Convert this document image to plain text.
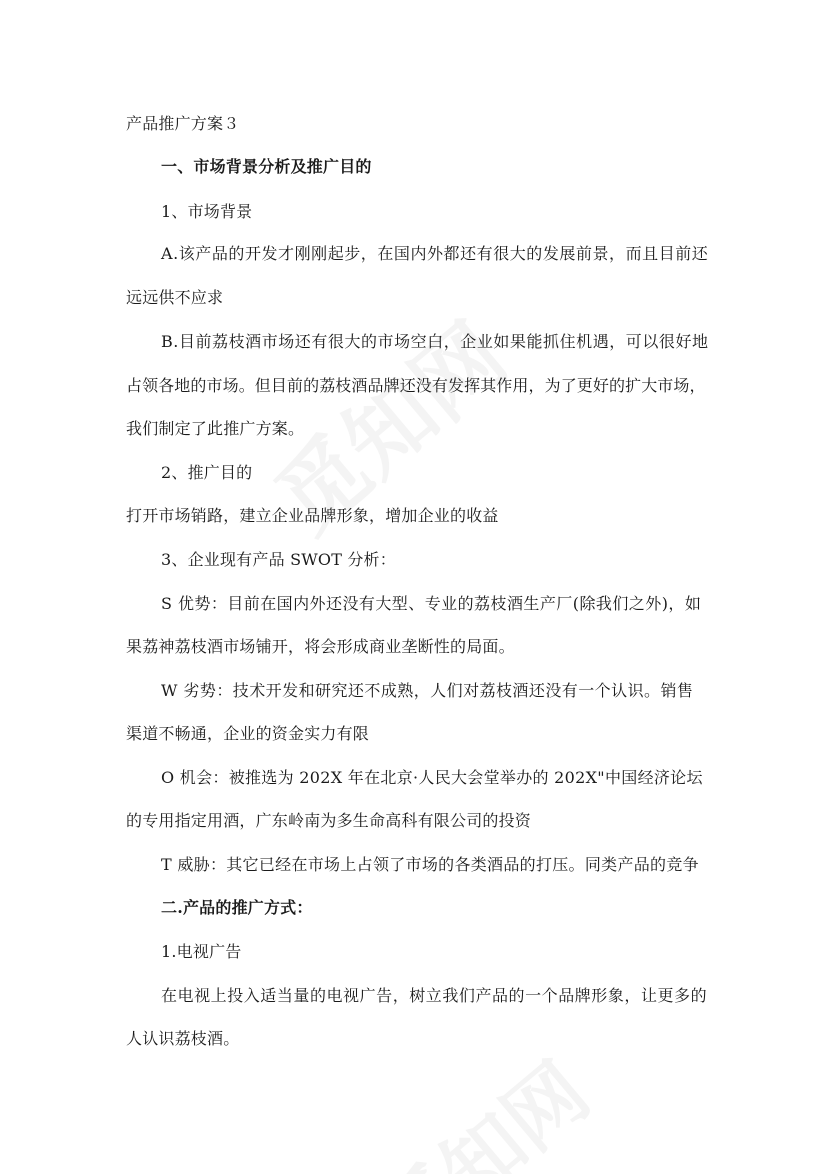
产品推广方案３
一、市场背景分析及推广目的
1、市场背景
A.该产品的开发才刚刚起步，在国内外都还有很大的发展前景，而且目前还
远远供不应求
B.目前荔枝酒市场还有很大的市场空白，企业如果能抓住机遇，可以很好地
占领各地的市场。但目前的荔枝酒品牌还没有发挥其作用，为了更好的扩大市场，
我们制定了此推广方案。
2、推广目的
打开市场销路，建立企业品牌形象，增加企业的收益
3、企业现有产品 SWOT 分析：
S 优势：目前在国内外还没有大型、专业的荔枝酒生产厂(除我们之外)，如
果荔神荔枝酒市场铺开，将会形成商业垄断性的局面。
W 劣势：技术开发和研究还不成熟，人们对荔枝酒还没有一个认识。销售
渠道不畅通，企业的资金实力有限
O 机会：被推选为 202X 年在北京·人民大会堂举办的 202X"中国经济论坛
的专用指定用酒，广东岭南为多生命高科有限公司的投资
T 威胁：其它已经在市场上占领了市场的各类酒品的打压。同类产品的竞争
二.产品的推广方式：
1.电视广告
在电视上投入适当量的电视广告，树立我们产品的一个品牌形象，让更多的
人认识荔枝酒。
